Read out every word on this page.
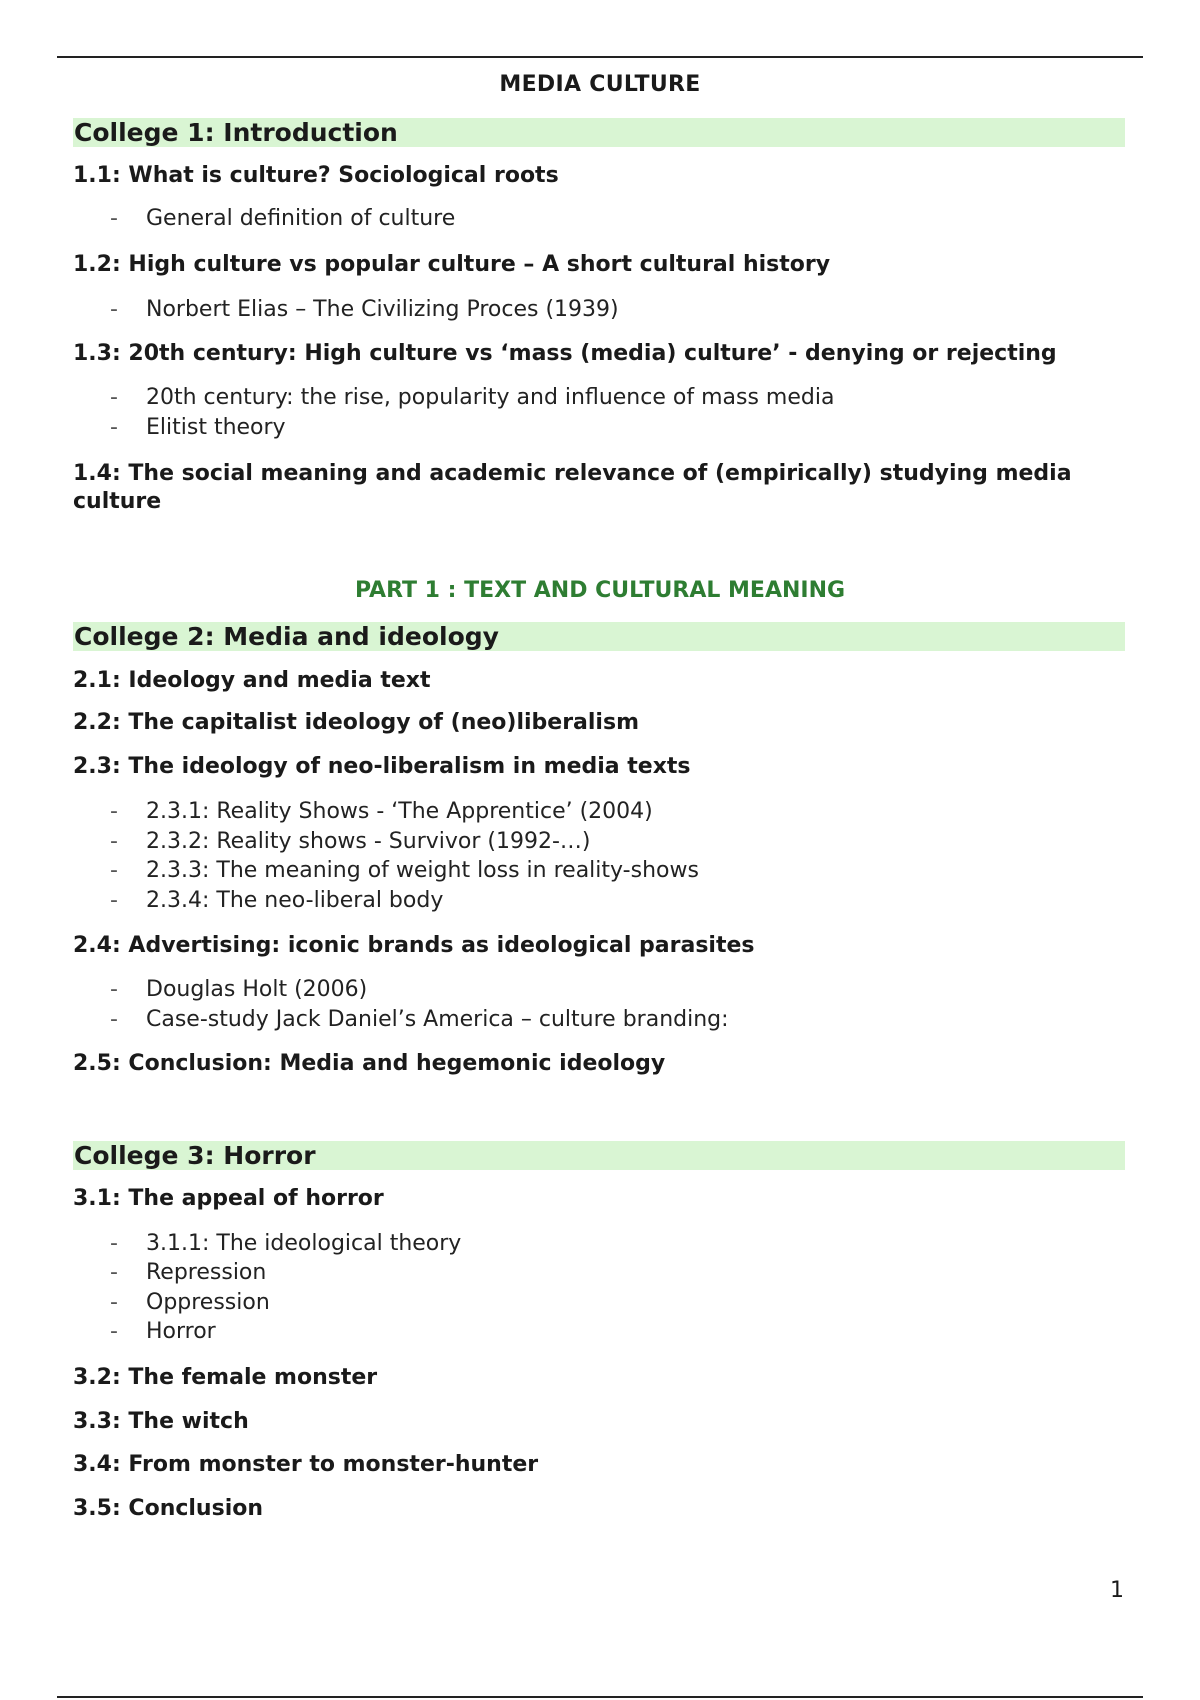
MEDIA CULTURE
College 1: Introduction
1.1: What is culture? Sociological roots
- General definition of culture
1.2: High culture vs popular culture – A short cultural history
- Norbert Elias – The Civilizing Proces (1939)
1.3: 20th century: High culture vs ‘mass (media) culture’ - denying or rejecting
- 20th century: the rise, popularity and influence of mass media
- Elitist theory
1.4: The social meaning and academic relevance of (empirically) studying media
culture
PART 1 : TEXT AND CULTURAL MEANING
College 2: Media and ideology
2.1: Ideology and media text
2.2: The capitalist ideology of (neo)liberalism
2.3: The ideology of neo-liberalism in media texts
- 2.3.1: Reality Shows - ‘The Apprentice’ (2004)
- 2.3.2: Reality shows - Survivor (1992-…)
- 2.3.3: The meaning of weight loss in reality-shows
- 2.3.4: The neo-liberal body
2.4: Advertising: iconic brands as ideological parasites
- Douglas Holt (2006)
- Case-study Jack Daniel’s America – culture branding:
2.5: Conclusion: Media and hegemonic ideology
College 3: Horror
3.1: The appeal of horror
- 3.1.1: The ideological theory
- Repression
- Oppression
- Horror
3.2: The female monster
3.3: The witch
3.4: From monster to monster-hunter
3.5: Conclusion
1
